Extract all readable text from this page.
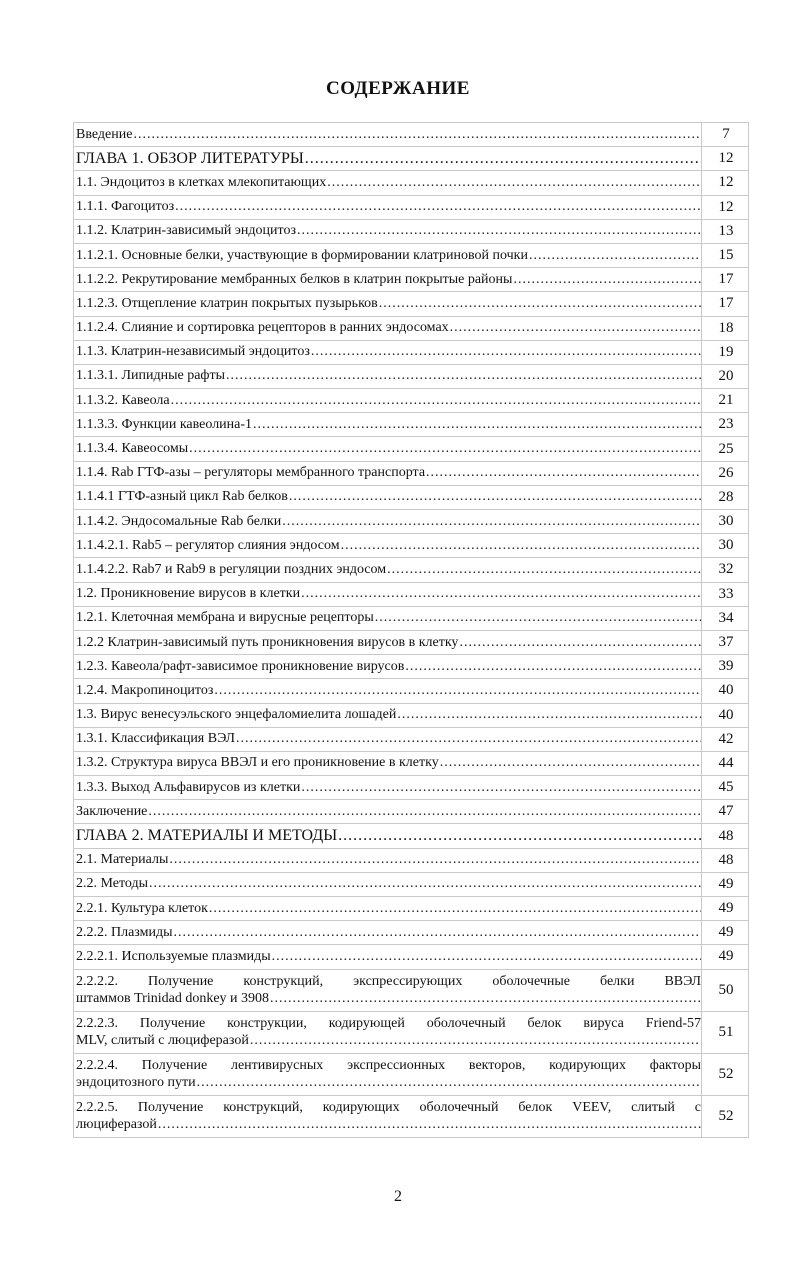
СОДЕРЖАНИЕ
Введение
.....	7

ГЛАВА 1. ОБЗОР ЛИТЕРАТУРЫ
.....	12

1.1. Эндоцитоз в клетках млекопитающих
.....	12

1.1.1. Фагоцитоз
.....	12

1.1.2. Клатрин-зависимый эндоцитоз
.....	13

1.1.2.1. Основные белки, участвующие в формировании клатриновой почки
.....	15

1.1.2.2. Рекрутирование мембранных белков в клатрин покрытые районы
.....	17

1.1.2.3. Отщепление клатрин покрытых пузырьков
.....	17

1.1.2.4. Слияние и сортировка рецепторов в ранних эндосомах
.....	18

1.1.3. Клатрин-независимый эндоцитоз
.....	19

1.1.3.1. Липидные рафты
.....	20

1.1.3.2. Кавеола
.....	21

1.1.3.3. Функции кавеолина-1
.....	23

1.1.3.4. Кавеосомы
.....	25

1.1.4. Rab ГТФ-азы – регуляторы мембранного транспорта
.....	26

1.1.4.1 ГТФ-азный цикл Rab белков
.....	28

1.1.4.2. Эндосомальные Rab белки
.....	30

1.1.4.2.1. Rab5 – регулятор слияния эндосом
.....	30

1.1.4.2.2. Rab7 и Rab9 в регуляции поздних эндосом
.....	32

1.2. Проникновение вирусов в клетки
.....	33

1.2.1. Клеточная мембрана и вирусные рецепторы
.....	34

1.2.2 Клатрин-зависимый путь проникновения вирусов в клетку
.....	37

1.2.3. Кавеола/рафт-зависимое проникновение вирусов
.....	39

1.2.4. Макропиноцитоз
.....	40

1.3. Вирус венесуэльского энцефаломиелита лошадей
.....	40

1.3.1. Классификация ВЭЛ
.....	42

1.3.2. Структура вируса ВВЭЛ и его проникновение в клетку
.....	44

1.3.3. Выход Альфавирусов из клетки
.....	45

Заключение
.....	47

ГЛАВА 2. МАТЕРИАЛЫ И МЕТОДЫ
.....	48

2.1. Материалы
.....	48

2.2. Методы
.....	49

2.2.1. Культура клеток
.....	49

2.2.2. Плазмиды
.....	49

2.2.2.1. Используемые плазмиды
.....	49

2.2.2.2. Получение конструкций, экспрессирующих оболочечные белки ВВЭЛ
штаммов Trinidad donkey и 3908
.....	50

2.2.2.3. Получение конструкции, кодирующей оболочечный белок вируса Friend-57
MLV, слитый с люциферазой
.....	51

2.2.2.4. Получение лентивирусных экспрессионных векторов, кодирующих факторы
эндоцитозного пути
.....	52

2.2.2.5. Получение конструкций, кодирующих оболочечный белок VEEV, слитый с
люциферазой
.....	52
2
